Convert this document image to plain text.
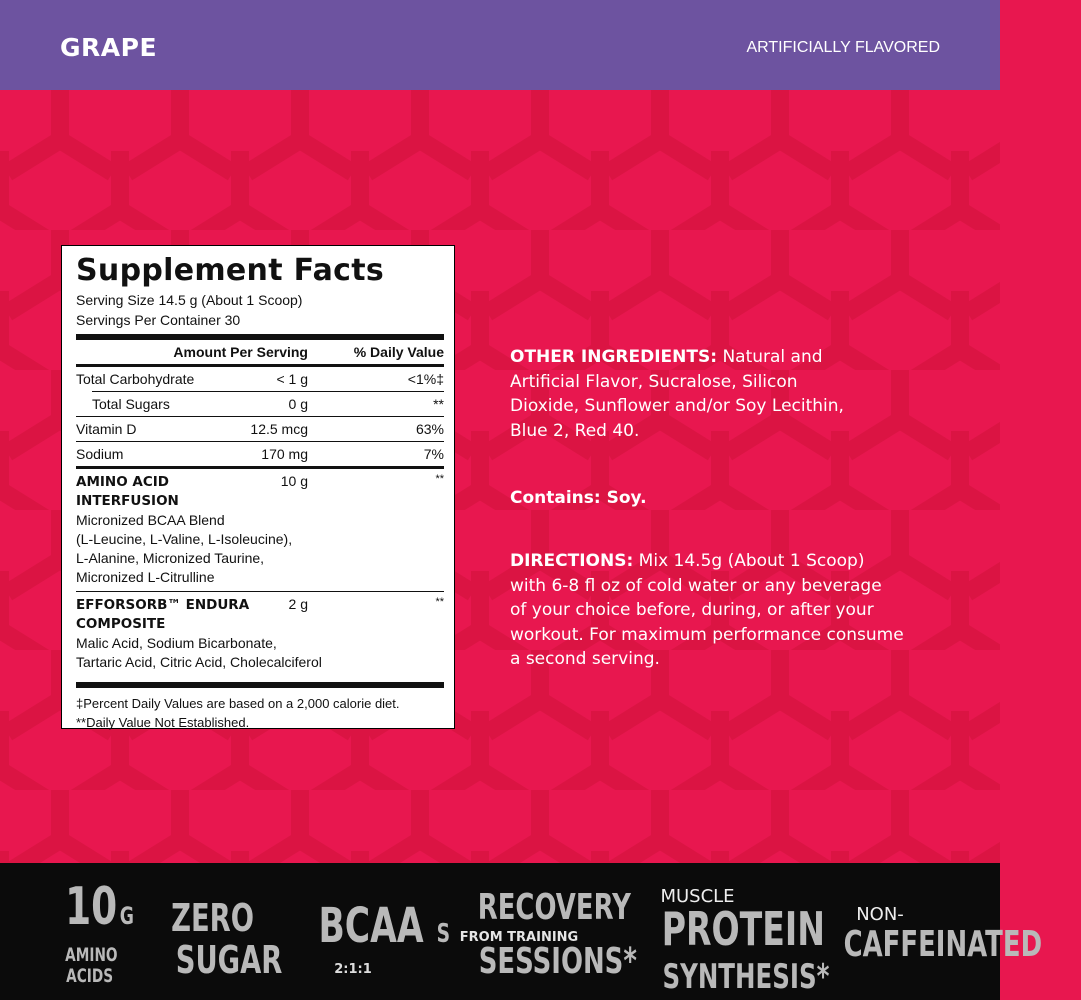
GRAPE	ARTIFICIALLY FLAVORED
Supplement Facts
Serving Size 14.5 g (About 1 Scoop)
Servings Per Container 30
Amount Per Serving	% Daily Value
Total Carbohydrate	< 1 g	<1%‡
Total Sugars	0 g	**
Vitamin D	12.5 mcg	63%
Sodium	170 mg	7%
AMINO ACID
INTERFUSION
10 g	**
Micronized BCAA Blend
(L-Leucine, L-Valine, L-Isoleucine),
L-Alanine, Micronized Taurine,
Micronized L-Citrulline
EFFORSORB™ ENDURA
COMPOSITE
2 g	**
Malic Acid, Sodium Bicarbonate,
Tartaric Acid, Citric Acid, Cholecalciferol
‡Percent Daily Values are based on a 2,000 calorie diet.
**Daily Value Not Established.
OTHER INGREDIENTS: Natural and
Artificial Flavor, Sucralose, Silicon
Dioxide, Sunflower and/or Soy Lecithin,
Blue 2, Red 40.
Contains: Soy.
DIRECTIONS: Mix 14.5g (About 1 Scoop)
with 6-8 fl oz of cold water or any beverage
of your choice before, during, or after your
workout. For maximum performance consume
a second serving.
10 G
AMINO
ACIDS
ZERO
SUGAR
BCAA S
2:1:1
RECOVERY
FROM TRAINING
SESSIONS*
MUSCLE
PROTEIN
SYNTHESIS*
NON-
CAFFEINATED
